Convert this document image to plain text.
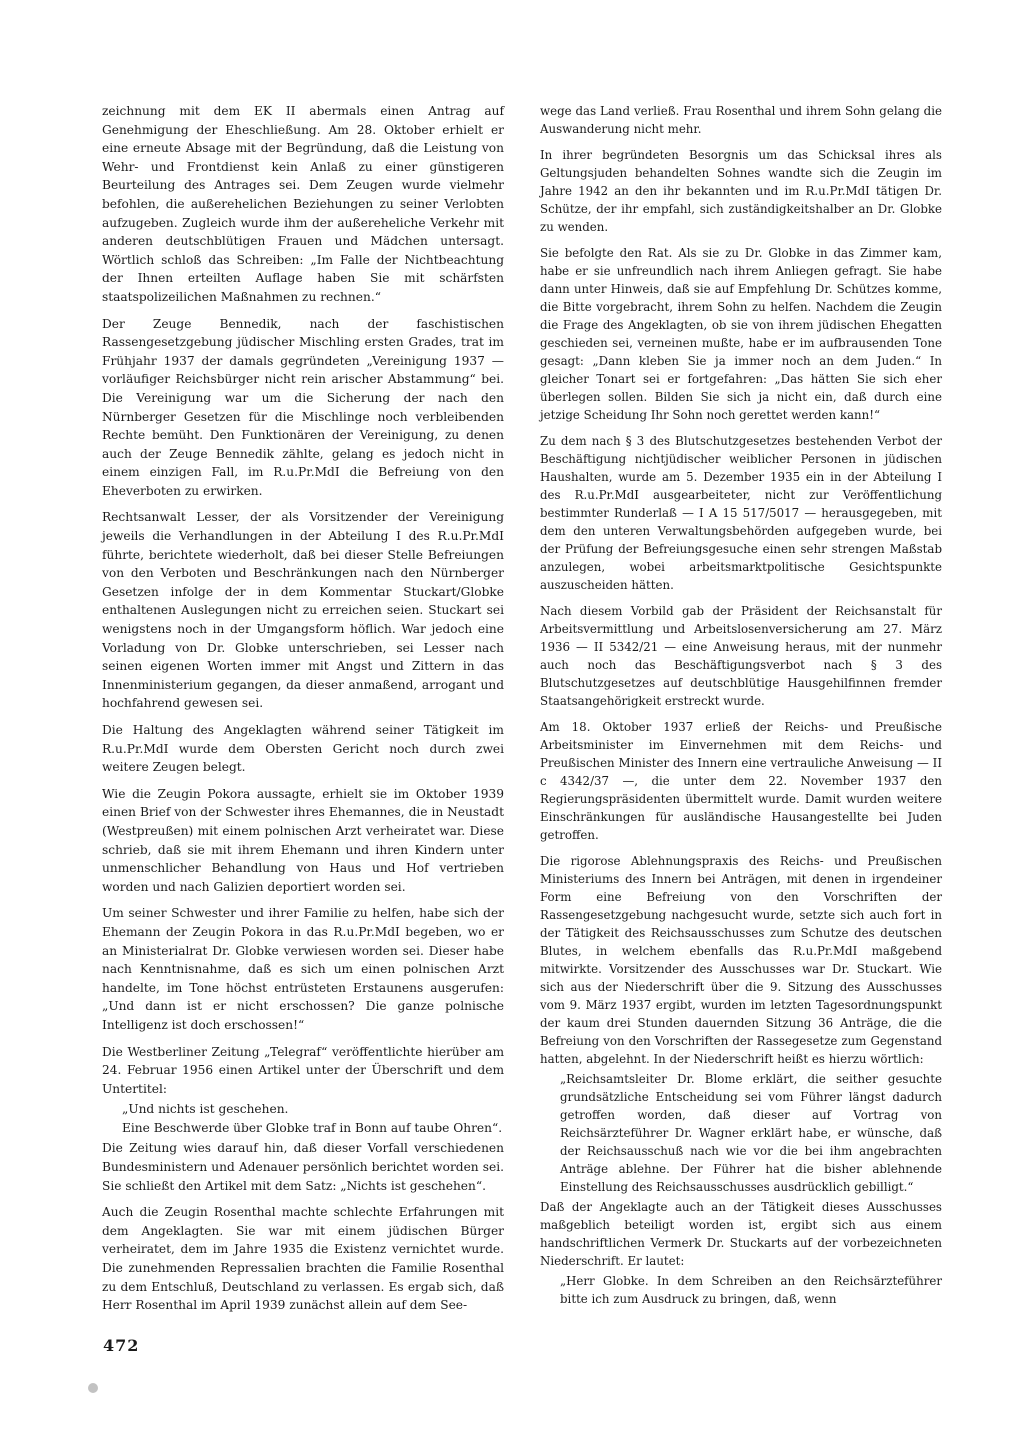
zeichnung mit dem EK II abermals einen Antrag auf Genehmigung der Eheschließung. Am 28. Oktober erhielt er eine erneute Absage mit der Begründung, daß die Leistung von Wehr- und Frontdienst kein Anlaß zu einer günstigeren Beurteilung des Antrages sei. Dem Zeugen wurde vielmehr befohlen, die außerehelichen Beziehungen zu seiner Verlobten aufzugeben. Zugleich wurde ihm der außereheliche Verkehr mit anderen deutschblütigen Frauen und Mädchen untersagt. Wörtlich schloß das Schreiben: „Im Falle der Nichtbeachtung der Ihnen erteilten Auflage haben Sie mit schärfsten staatspolizeilichen Maßnahmen zu rechnen.“

Der Zeuge Bennedik, nach der faschistischen Rassengesetzgebung jüdischer Mischling ersten Grades, trat im Frühjahr 1937 der damals gegründeten „Vereinigung 1937 — vorläufiger Reichsbürger nicht rein arischer Abstammung“ bei. Die Vereinigung war um die Sicherung der nach den Nürnberger Gesetzen für die Mischlinge noch verbleibenden Rechte bemüht. Den Funktionären der Vereinigung, zu denen auch der Zeuge Bennedik zählte, gelang es jedoch nicht in einem einzigen Fall, im R.u.Pr.MdI die Befreiung von den Eheverboten zu erwirken.

Rechtsanwalt Lesser, der als Vorsitzender der Vereinigung jeweils die Verhandlungen in der Abteilung I des R.u.Pr.MdI führte, berichtete wiederholt, daß bei dieser Stelle Befreiungen von den Verboten und Beschränkungen nach den Nürnberger Gesetzen infolge der in dem Kommentar Stuckart/Globke enthaltenen Auslegungen nicht zu erreichen seien. Stuckart sei wenigstens noch in der Umgangsform höflich. War jedoch eine Vorladung von Dr. Globke unterschrieben, sei Lesser nach seinen eigenen Worten immer mit Angst und Zittern in das Innenministerium gegangen, da dieser anmaßend, arrogant und hochfahrend gewesen sei.

Die Haltung des Angeklagten während seiner Tätigkeit im R.u.Pr.MdI wurde dem Obersten Gericht noch durch zwei weitere Zeugen belegt.

Wie die Zeugin Pokora aussagte, erhielt sie im Oktober 1939 einen Brief von der Schwester ihres Ehemannes, die in Neustadt (Westpreußen) mit einem polnischen Arzt verheiratet war. Diese schrieb, daß sie mit ihrem Ehemann und ihren Kindern unter unmenschlicher Behandlung von Haus und Hof vertrieben worden und nach Galizien deportiert worden sei.

Um seiner Schwester und ihrer Familie zu helfen, habe sich der Ehemann der Zeugin Pokora in das R.u.Pr.MdI begeben, wo er an Ministerialrat Dr. Globke verwiesen worden sei. Dieser habe nach Kenntnisnahme, daß es sich um einen polnischen Arzt handelte, im Tone höchst entrüsteten Erstaunens ausgerufen: „Und dann ist er nicht erschossen? Die ganze polnische Intelligenz ist doch erschossen!“

Die Westberliner Zeitung „Telegraf“ veröffentlichte hierüber am 24. Februar 1956 einen Artikel unter der Überschrift und dem Untertitel:

„Und nichts ist geschehen.

Eine Beschwerde über Globke traf in Bonn auf taube Ohren“.

Die Zeitung wies darauf hin, daß dieser Vorfall verschiedenen Bundesministern und Adenauer persönlich berichtet worden sei. Sie schließt den Artikel mit dem Satz: „Nichts ist geschehen“.

Auch die Zeugin Rosenthal machte schlechte Erfahrungen mit dem Angeklagten. Sie war mit einem jüdischen Bürger verheiratet, dem im Jahre 1935 die Existenz vernichtet wurde. Die zunehmenden Repressalien brachten die Familie Rosenthal zu dem Entschluß, Deutschland zu verlassen. Es ergab sich, daß Herr Rosenthal im April 1939 zunächst allein auf dem See-

wege das Land verließ. Frau Rosenthal und ihrem Sohn gelang die Auswanderung nicht mehr.

In ihrer begründeten Besorgnis um das Schicksal ihres als Geltungsjuden behandelten Sohnes wandte sich die Zeugin im Jahre 1942 an den ihr bekannten und im R.u.Pr.MdI tätigen Dr. Schütze, der ihr empfahl, sich zuständigkeitshalber an Dr. Globke zu wenden.

Sie befolgte den Rat. Als sie zu Dr. Globke in das Zimmer kam, habe er sie unfreundlich nach ihrem Anliegen gefragt. Sie habe dann unter Hinweis, daß sie auf Empfehlung Dr. Schützes komme, die Bitte vorgebracht, ihrem Sohn zu helfen. Nachdem die Zeugin die Frage des Angeklagten, ob sie von ihrem jüdischen Ehegatten geschieden sei, verneinen mußte, habe er im aufbrausenden Tone gesagt: „Dann kleben Sie ja immer noch an dem Juden.“ In gleicher Tonart sei er fortgefahren: „Das hätten Sie sich eher überlegen sollen. Bilden Sie sich ja nicht ein, daß durch eine jetzige Scheidung Ihr Sohn noch gerettet werden kann!“

Zu dem nach § 3 des Blutschutzgesetzes bestehenden Verbot der Beschäftigung nichtjüdischer weiblicher Personen in jüdischen Haushalten, wurde am 5. Dezember 1935 ein in der Abteilung I des R.u.Pr.MdI ausgearbeiteter, nicht zur Veröffentlichung bestimmter Runderlaß — I A 15 517/5017 — herausgegeben, mit dem den unteren Verwaltungsbehörden aufgegeben wurde, bei der Prüfung der Befreiungsgesuche einen sehr strengen Maßstab anzulegen, wobei arbeitsmarktpolitische Gesichtspunkte auszuscheiden hätten.

Nach diesem Vorbild gab der Präsident der Reichsanstalt für Arbeitsvermittlung und Arbeitslosenversicherung am 27. März 1936 — II 5342/21 — eine Anweisung heraus, mit der nunmehr auch noch das Beschäftigungsverbot nach § 3 des Blutschutzgesetzes auf deutschblütige Hausgehilfinnen fremder Staatsangehörigkeit erstreckt wurde.

Am 18. Oktober 1937 erließ der Reichs- und Preußische Arbeitsminister im Einvernehmen mit dem Reichs- und Preußischen Minister des Innern eine vertrauliche Anweisung — II c 4342/37 —, die unter dem 22. November 1937 den Regierungspräsidenten übermittelt wurde. Damit wurden weitere Einschränkungen für ausländische Hausangestellte bei Juden getroffen.

Die rigorose Ablehnungspraxis des Reichs- und Preußischen Ministeriums des Innern bei Anträgen, mit denen in irgendeiner Form eine Befreiung von den Vorschriften der Rassengesetzgebung nachgesucht wurde, setzte sich auch fort in der Tätigkeit des Reichsausschusses zum Schutze des deutschen Blutes, in welchem ebenfalls das R.u.Pr.MdI maßgebend mitwirkte. Vorsitzender des Ausschusses war Dr. Stuckart. Wie sich aus der Niederschrift über die 9. Sitzung des Ausschusses vom 9. März 1937 ergibt, wurden im letzten Tagesordnungspunkt der kaum drei Stunden dauernden Sitzung 36 Anträge, die die Befreiung von den Vorschriften der Rassegesetze zum Gegenstand hatten, abgelehnt. In der Niederschrift heißt es hierzu wörtlich:

„Reichsamtsleiter Dr. Blome erklärt, die seither gesuchte grundsätzliche Entscheidung sei vom Führer längst dadurch getroffen worden, daß dieser auf Vortrag von Reichsärzteführer Dr. Wagner erklärt habe, er wünsche, daß der Reichsausschuß nach wie vor die bei ihm angebrachten Anträge ablehne. Der Führer hat die bisher ablehnende Einstellung des Reichsausschusses ausdrücklich gebilligt.“

Daß der Angeklagte auch an der Tätigkeit dieses Ausschusses maßgeblich beteiligt worden ist, ergibt sich aus einem handschriftlichen Vermerk Dr. Stuckarts auf der vorbezeichneten Niederschrift. Er lautet:

„Herr Globke. In dem Schreiben an den Reichsärzteführer bitte ich zum Ausdruck zu bringen, daß, wenn

472
